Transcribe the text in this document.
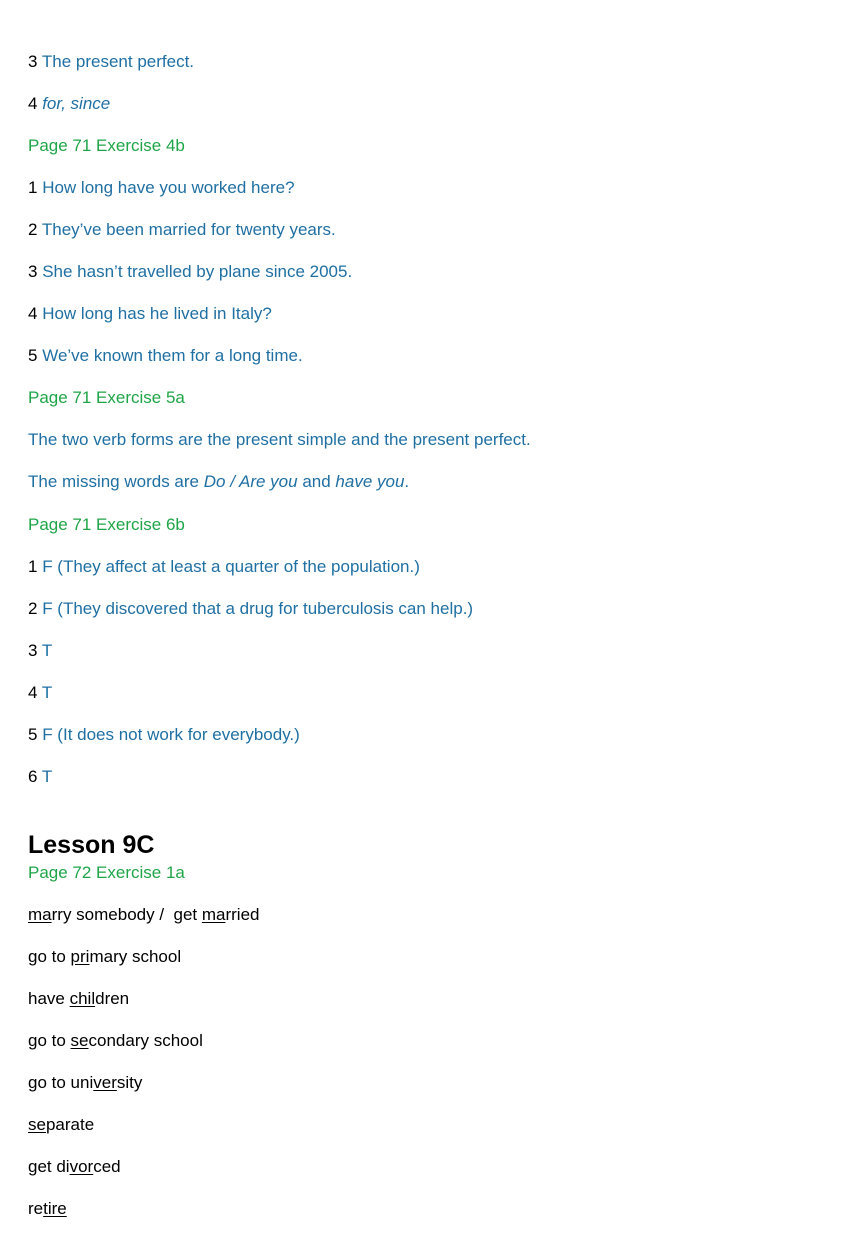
3 The present perfect.
4 for, since
Page 71 Exercise 4b
1 How long have you worked here?
2 They’ve been married for twenty years.
3 She hasn’t travelled by plane since 2005.
4 How long has he lived in Italy?
5 We’ve known them for a long time.
Page 71 Exercise 5a
The two verb forms are the present simple and the present perfect.
The missing words are Do / Are you and have you.
Page 71 Exercise 6b
1 F (They affect at least a quarter of the population.)
2 F (They discovered that a drug for tuberculosis can help.)
3 T
4 T
5 F (It does not work for everybody.)
6 T
Lesson 9C
Page 72 Exercise 1a
marry somebody /  get married
go to primary school
have children
go to secondary school
go to university
separate
get divorced
retire
